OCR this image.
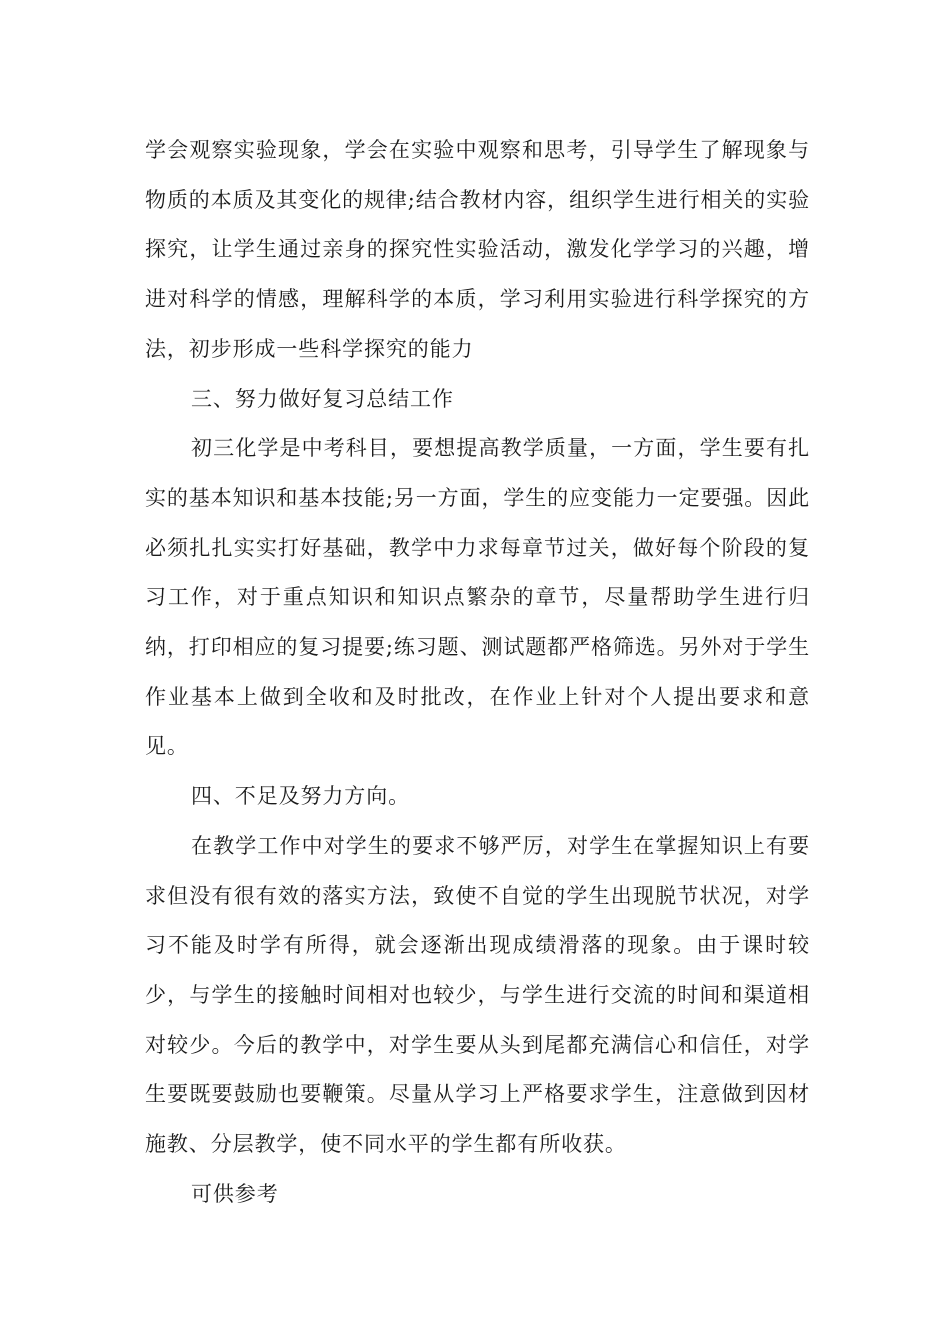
学会观察实验现象，学会在实验中观察和思考，引导学生了解现象与物质的本质及其变化的规律;结合教材内容，组织学生进行相关的实验探究，让学生通过亲身的探究性实验活动，激发化学学习的兴趣，增进对科学的情感，理解科学的本质，学习利用实验进行科学探究的方法，初步形成一些科学探究的能力

三、努力做好复习总结工作

初三化学是中考科目，要想提高教学质量，一方面，学生要有扎实的基本知识和基本技能;另一方面，学生的应变能力一定要强。因此必须扎扎实实打好基础，教学中力求每章节过关，做好每个阶段的复习工作，对于重点知识和知识点繁杂的章节，尽量帮助学生进行归纳，打印相应的复习提要;练习题、测试题都严格筛选。另外对于学生作业基本上做到全收和及时批改，在作业上针对个人提出要求和意见。

四、不足及努力方向。

在教学工作中对学生的要求不够严厉，对学生在掌握知识上有要求但没有很有效的落实方法，致使不自觉的学生出现脱节状况，对学习不能及时学有所得，就会逐渐出现成绩滑落的现象。由于课时较少，与学生的接触时间相对也较少，与学生进行交流的时间和渠道相对较少。今后的教学中，对学生要从头到尾都充满信心和信任，对学生要既要鼓励也要鞭策。尽量从学习上严格要求学生，注意做到因材施教、分层教学，使不同水平的学生都有所收获。

可供参考
